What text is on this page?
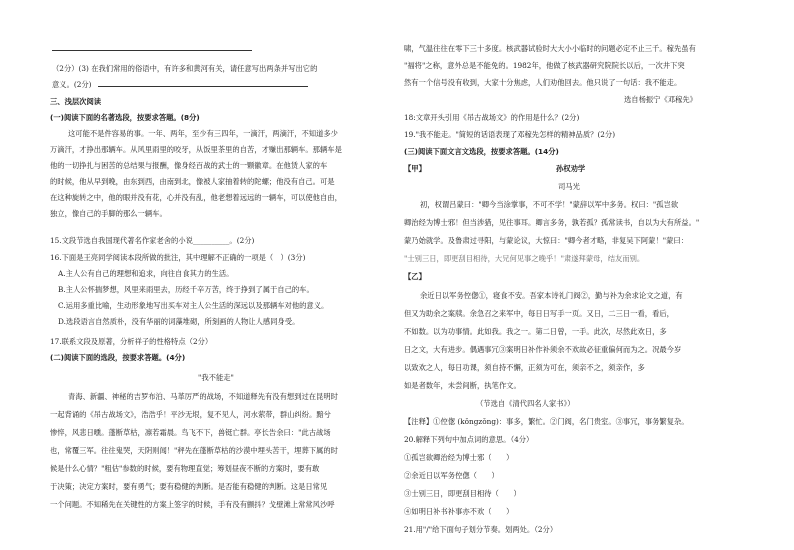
（2分）(3) 在我们常用的俗语中，有许多和黄河有关，请任意写出两条并写出它的
意义。(2分)
三、浅层次阅读
(一)阅读下面的名著选段，按要求答题。(8分)
这可能不是件容易的事。一年、两年，至少有三四年，一滴汗，两滴汗，不知道多少
万滴汗，才挣出那辆车。从风里雨里的咬牙，从饭里茶里的自苦，才赚出那辆车。那辆车是
他的一切挣扎与困苦的总结果与报酬，像身经百战的武士的一颗徽章。在他赁人家的车
的时候，他从早到晚，由东到西，由南到北，像被人家抽着转的陀螺；他没有自己。可是
在这种旋转之中，他的眼并没有花，心并没有乱，他老想着远远的一辆车，可以使他自由，
独立，像自己的手脚的那么一辆车。
15.文段节选自我国现代著名作家老舍的小说__________。(2分)
16.下面是王亮同学阅读本段所做的批注，其中理解不正确的一项是（　）(3分)
A.主人公有自己的理想和追求，向往自食其力的生活。
B.主人公怀揣梦想，风里来雨里去，历经千辛万苦，终于挣到了属于自己的车。
C.运用多重比喻，生动形象地写出买车对主人公生活的深远以及那辆车对他的意义。
D.选段语言自然质朴，没有华丽的词藻堆砌，所刻画的人物让人感同身受。
17.联系文段及原著，分析祥子的性格特点（2分）
(二)阅读下面的选段，按要求答题。(4分)
"我不能走"
青海、新疆、神秘的吉罗布泊、马革厉严的战场，不知道释先有没有想到过在昆明时
一起背诵的《吊古战场文》，浩浩乎！平沙无垠，复不见人，河水萦带，群山纠纷。黯兮
惨悴，风悲日曛。蓬断草枯，凛若霜晨。鸟飞不下，兽铤亡群。亭长告余曰："此古战场
也，常覆三军。往往鬼哭，天阴则闻！"秤先在蓬断草枯的沙漠中埋头苦干，埋葬下属的时
候是什么心情？"粗估"参数的时候，要有物理直觉；筹划昼夜不断的方案时，要有敢
于决策；决定方案时，要有勇气；要有稳健的判断。是否能有稳健的判断。这是日常见
一个问题。不知稀先在关键性的方案上签字的时候，手有没有颤抖？戈壁滩上常常风沙呼
啸，气温往往在零下三十多度。核武器试验时大大小小临时的问题必定不止三千。稼先虽有
"福将"之称，意外总是不能免的。1982年，他做了核武器研究院院长以后，一次井下突
然有一个信号没有收到，大家十分焦虑，人们劝他回去。他只说了一句话：我不能走。
选自杨振宁《邓稼先》
18:文章开头引用《吊古战场文》的作用是什么？(2分)
19."我不能走。"简短的话语表现了邓稼先怎样的精神品质？(2分)
(三)阅读下面文言文选段，按要求答题。(14分)
【甲】	孙权劝学
司马光
初，权谓吕蒙曰："卿今当涂掌事，不可不学！"蒙辞以军中多务。权曰："孤岂欲
卿治经为博士邪！但当涉猎，见往事耳。卿言多务，孰若孤？孤常读书，自以为大有所益。"
蒙乃始就学。及鲁肃过寻阳，与蒙论议，大惊曰："卿今者才略，非复吴下阿蒙！"蒙曰：
"士别三日，即更刮目相待，大兄何见事之晚乎！"肃遂拜蒙母，结友而别。
【乙】
余近日以军务倥偬①，寝食不安。吾家本诗礼门阀②，勤与补为余求论文之道，有
但又为助余之案牍。余急召之来军中，每日日写手一页。又日，二三日一看，看后，
不如数。以为功事情。此如我。我之一。第二日曾，一手。此次，尽然此欢日，多
日之文，大有进步。偶遇事冗③案明日补作补须余不欢故必征重偏何而为之。况最今岁
以致欢之人，每日功课，须自持不懈，正须为可在，须亲不之，须亲作，多
如是者数年，未尝间断，执笔作文。
（节选自《清代四名人家书》）
【注释】①倥偬 (kǒngzǒng)：事多，繁忙。②门阀，名门贵室。③事冗，事务繁复杂。
20.解释下列句中加点词的意思。（4分）
①孤岂欲卿治经为博士邪（　　）
②余近日以军务倥偬（　　）
③士别三日，即更刮目相待（　　）
④如明日补书补事亦不欢（　　）
21.用"/"给下面句子划分节奏。划两处。（2分）
